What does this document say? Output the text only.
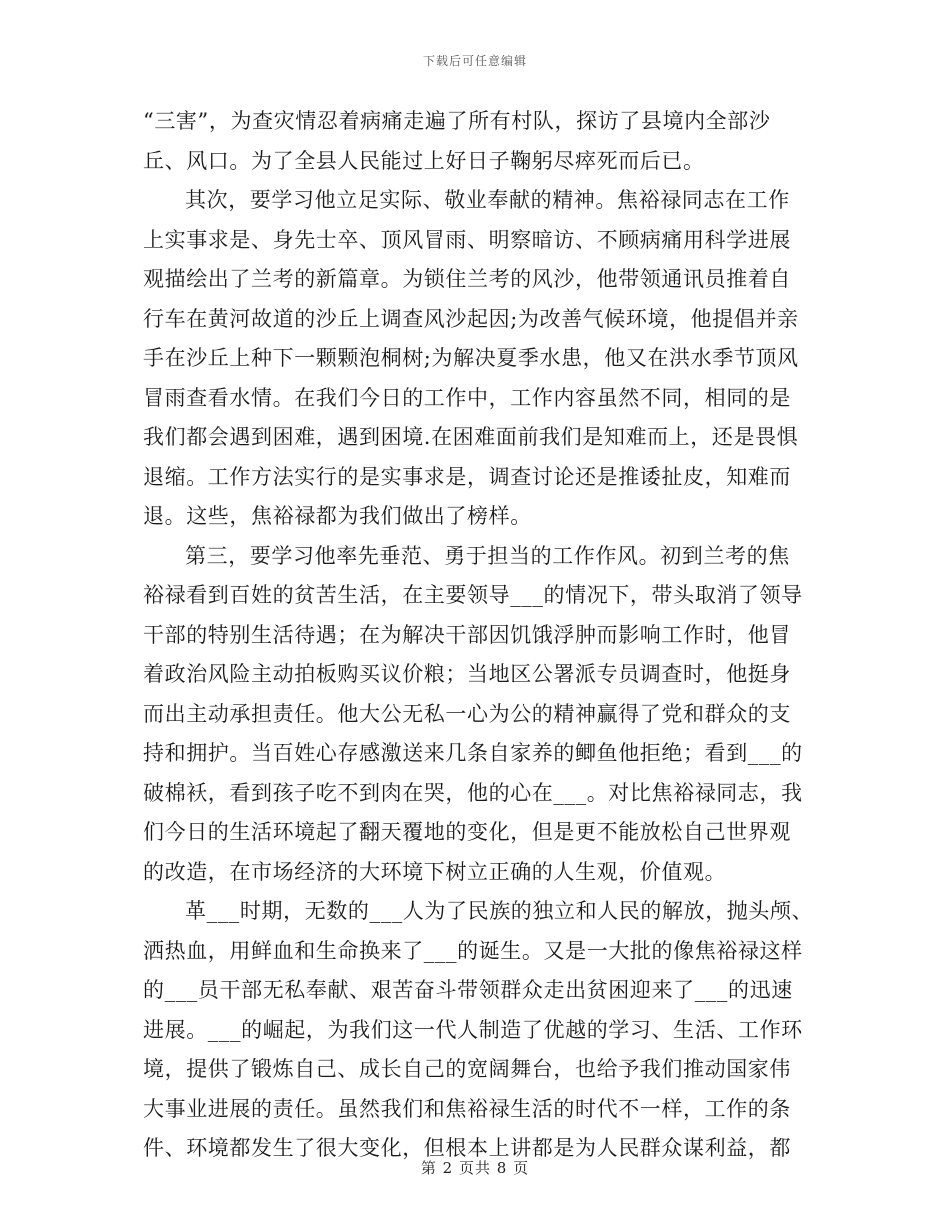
下载后可任意编辑
“三害”，为查灾情忍着病痛走遍了所有村队，探访了县境内全部沙
丘、风口。为了全县人民能过上好日子鞠躬尽瘁死而后已。
其次，要学习他立足实际、敬业奉献的精神。焦裕禄同志在工作
上实事求是、身先士卒、顶风冒雨、明察暗访、不顾病痛用科学进展
观描绘出了兰考的新篇章。为锁住兰考的风沙，他带领通讯员推着自
行车在黄河故道的沙丘上调查风沙起因;为改善气候环境，他提倡并亲
手在沙丘上种下一颗颗泡桐树;为解决夏季水患，他又在洪水季节顶风
冒雨查看水情。在我们今日的工作中，工作内容虽然不同，相同的是
我们都会遇到困难，遇到困境.在困难面前我们是知难而上，还是畏惧
退缩。工作方法实行的是实事求是，调查讨论还是推诿扯皮，知难而
退。这些，焦裕禄都为我们做出了榜样。
第三，要学习他率先垂范、勇于担当的工作作风。初到兰考的焦
裕禄看到百姓的贫苦生活，在主要领导___的情况下，带头取消了领导
干部的特别生活待遇；在为解决干部因饥饿浮肿而影响工作时，他冒
着政治风险主动拍板购买议价粮；当地区公署派专员调查时，他挺身
而出主动承担责任。他大公无私一心为公的精神赢得了党和群众的支
持和拥护。当百姓心存感激送来几条自家养的鲫鱼他拒绝；看到___的
破棉袄，看到孩子吃不到肉在哭，他的心在___。对比焦裕禄同志，我
们今日的生活环境起了翻天覆地的变化，但是更不能放松自己世界观
的改造，在市场经济的大环境下树立正确的人生观，价值观。
革___时期，无数的___人为了民族的独立和人民的解放，抛头颅、
洒热血，用鲜血和生命换来了___的诞生。又是一大批的像焦裕禄这样
的___员干部无私奉献、艰苦奋斗带领群众走出贫困迎来了___的迅速
进展。___的崛起，为我们这一代人制造了优越的学习、生活、工作环
境，提供了锻炼自己、成长自己的宽阔舞台，也给予我们推动国家伟
大事业进展的责任。虽然我们和焦裕禄生活的时代不一样，工作的条
件、环境都发生了很大变化，但根本上讲都是为人民群众谋利益，都
第 2 页共 8 页
